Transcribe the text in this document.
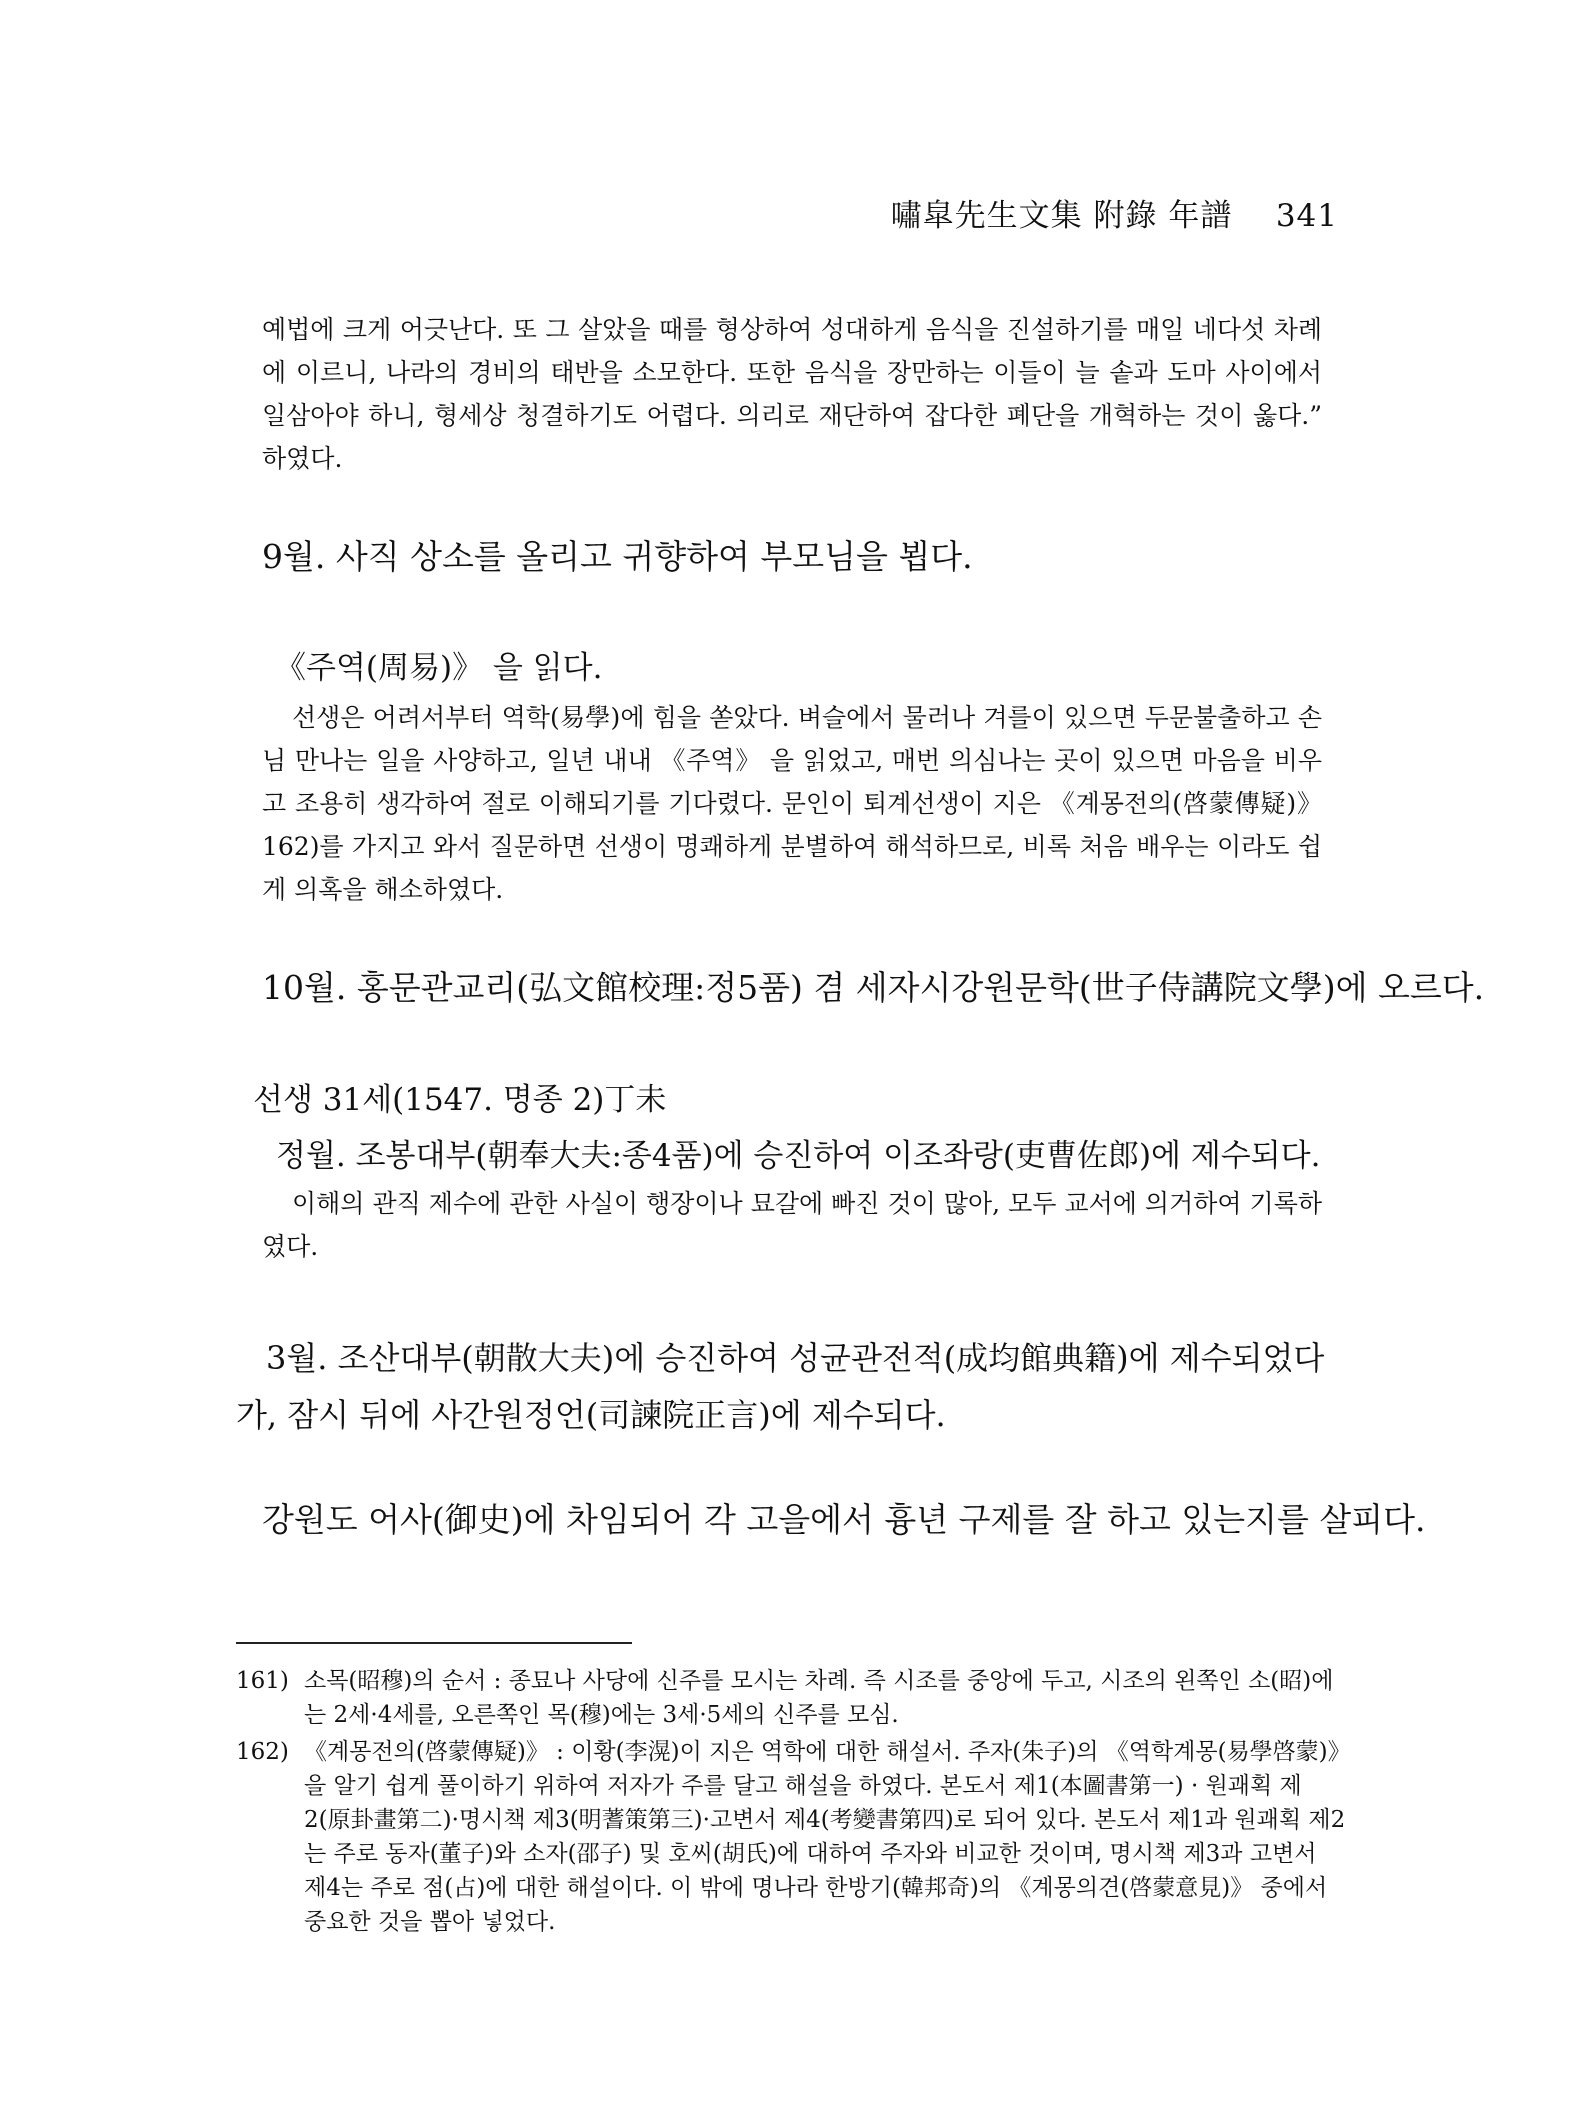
嘯皐先生文集 附錄 年譜 341

예법에 크게 어긋난다. 또 그 살았을 때를 형상하여 성대하게 음식을 진설하기를 매일 네다섯 차례에 이르니, 나라의 경비의 태반을 소모한다. 또한 음식을 장만하는 이들이 늘 솥과 도마 사이에서 일삼아야 하니, 형세상 청결하기도 어렵다. 의리로 재단하여 잡다한 폐단을 개혁하는 것이 옳다.” 하였다.

9월. 사직 상소를 올리고 귀향하여 부모님을 뵙다.

《주역(周易)》 을 읽다.

선생은 어려서부터 역학(易學)에 힘을 쏟았다. 벼슬에서 물러나 겨를이 있으면 두문불출하고 손님 만나는 일을 사양하고, 일년 내내 《주역》 을 읽었고, 매번 의심나는 곳이 있으면 마음을 비우고 조용히 생각하여 절로 이해되기를 기다렸다. 문인이 퇴계선생이 지은 《계몽전의(啓蒙傳疑)》 162)를 가지고 와서 질문하면 선생이 명쾌하게 분별하여 해석하므로, 비록 처음 배우는 이라도 쉽게 의혹을 해소하였다.

10월. 홍문관교리(弘文館校理:정5품) 겸 세자시강원문학(世子侍講院文學)에 오르다.

선생 31세(1547. 명종 2)丁未

정월. 조봉대부(朝奉大夫:종4품)에 승진하여 이조좌랑(吏曹佐郎)에 제수되다.

이해의 관직 제수에 관한 사실이 행장이나 묘갈에 빠진 것이 많아, 모두 교서에 의거하여 기록하였다.

3월. 조산대부(朝散大夫)에 승진하여 성균관전적(成均館典籍)에 제수되었다가, 잠시 뒤에 사간원정언(司諫院正言)에 제수되다.

강원도 어사(御史)에 차임되어 각 고을에서 흉년 구제를 잘 하고 있는지를 살피다.

161) 소목(昭穆)의 순서 : 종묘나 사당에 신주를 모시는 차례. 즉 시조를 중앙에 두고, 시조의 왼쪽인 소(昭)에는 2세·4세를, 오른쪽인 목(穆)에는 3세·5세의 신주를 모심.
162) 《계몽전의(啓蒙傳疑)》 : 이황(李滉)이 지은 역학에 대한 해설서. 주자(朱子)의 《역학계몽(易學啓蒙)》을 알기 쉽게 풀이하기 위하여 저자가 주를 달고 해설을 하였다. 본도서 제1(本圖書第一) · 원괘획 제2(原卦畫第二)·명시책 제3(明蓍策第三)·고변서 제4(考變書第四)로 되어 있다. 본도서 제1과 원괘획 제2는 주로 동자(董子)와 소자(邵子) 및 호씨(胡氏)에 대하여 주자와 비교한 것이며, 명시책 제3과 고변서 제4는 주로 점(占)에 대한 해설이다. 이 밖에 명나라 한방기(韓邦奇)의 《계몽의견(啓蒙意見)》 중에서 중요한 것을 뽑아 넣었다.
